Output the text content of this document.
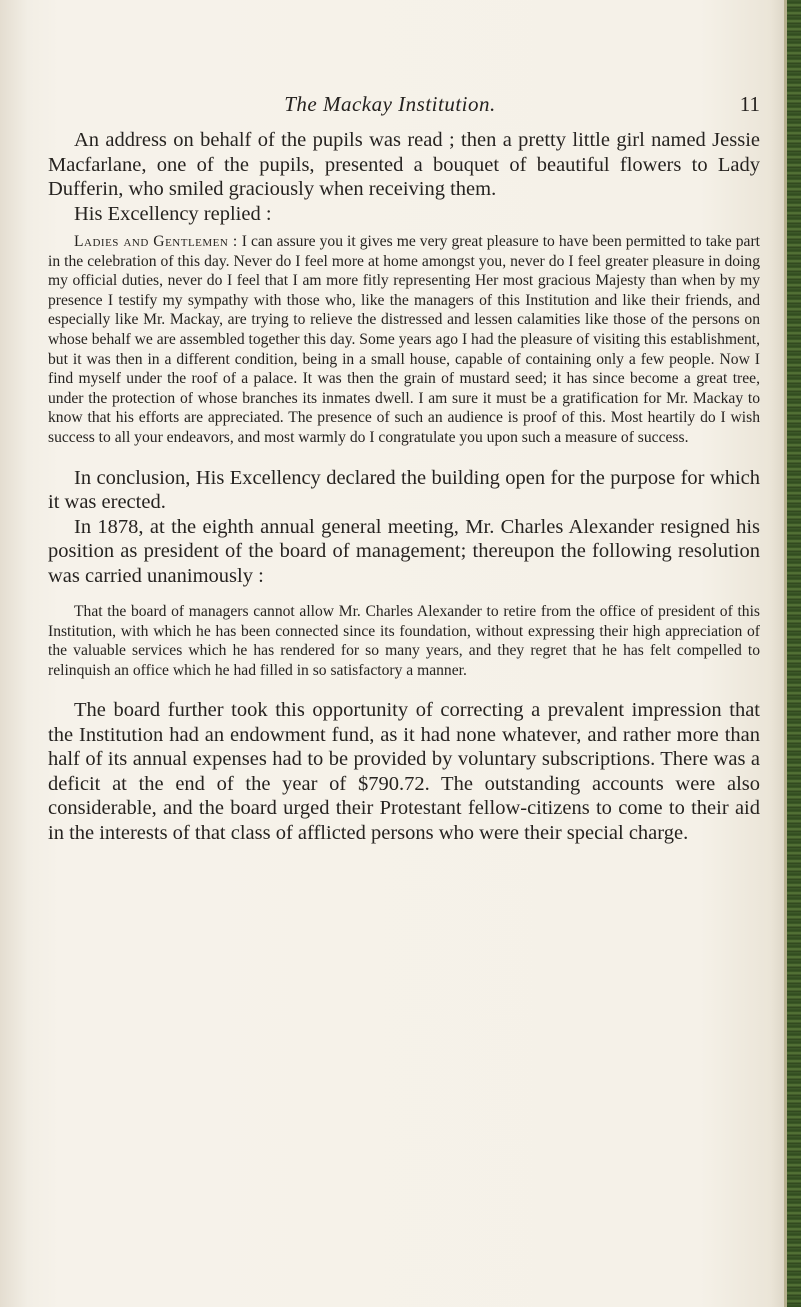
The Mackay Institution.	11

An address on behalf of the pupils was read ; then a pretty little girl named Jessie Macfarlane, one of the pupils, presented a bouquet of beautiful flowers to Lady Dufferin, who smiled graciously when receiving them.

His Excellency replied :

Ladies and Gentlemen : I can assure you it gives me very great pleasure to have been permitted to take part in the celebration of this day. Never do I feel more at home amongst you, never do I feel greater pleasure in doing my official duties, never do I feel that I am more fitly representing Her most gracious Majesty than when by my presence I testify my sympathy with those who, like the managers of this Institution and like their friends, and especially like Mr. Mackay, are trying to relieve the distressed and lessen calamities like those of the persons on whose behalf we are assembled together this day. Some years ago I had the pleasure of visiting this establishment, but it was then in a different condition, being in a small house, capable of containing only a few people. Now I find myself under the roof of a palace. It was then the grain of mustard seed; it has since become a great tree, under the protection of whose branches its inmates dwell. I am sure it must be a gratification for Mr. Mackay to know that his efforts are appreciated. The presence of such an audience is proof of this. Most heartily do I wish success to all your endeavors, and most warmly do I congratulate you upon such a measure of success.

In conclusion, His Excellency declared the building open for the purpose for which it was erected.

In 1878, at the eighth annual general meeting, Mr. Charles Alexander resigned his position as president of the board of management; thereupon the following resolution was carried unanimously :

That the board of managers cannot allow Mr. Charles Alexander to retire from the office of president of this Institution, with which he has been connected since its foundation, without expressing their high appreciation of the valuable services which he has rendered for so many years, and they regret that he has felt compelled to relinquish an office which he had filled in so satisfactory a manner.

The board further took this opportunity of correcting a prevalent impression that the Institution had an endowment fund, as it had none whatever, and rather more than half of its annual expenses had to be provided by voluntary subscriptions. There was a deficit at the end of the year of $790.72. The outstanding accounts were also considerable, and the board urged their Protestant fellow-citizens to come to their aid in the interests of that class of afflicted persons who were their special charge.
